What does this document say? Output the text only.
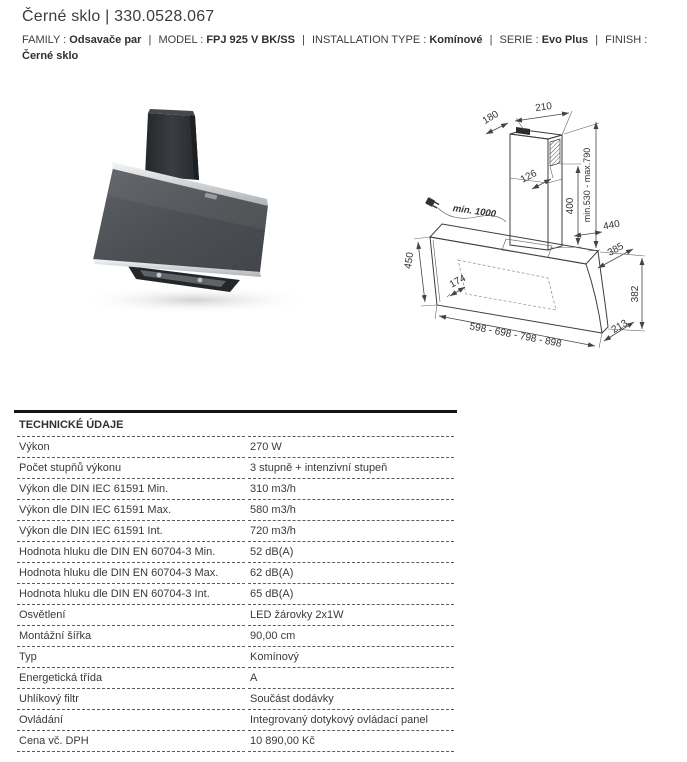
Černé sklo | 330.0528.067

FAMILY : Odsavače par | MODEL : FPJ 925 V BK/SS | INSTALLATION TYPE : Komínové | SERIE : Evo Plus | FINISH : Černé sklo

min. 1000
210
180
min.530 - max.790
400
126
440
450
174
598 - 698 - 798 - 898
385
382
213
TECHNICKÉ ÚDAJE	
Výkon	270 W
Počet stupňů výkonu	3 stupně + intenzivní stupeň
Výkon dle DIN IEC 61591 Min.	310 m3/h
Výkon dle DIN IEC 61591 Max.	580 m3/h
Výkon dle DIN IEC 61591 Int.	720 m3/h
Hodnota hluku dle DIN EN 60704-3 Min.	52 dB(A)
Hodnota hluku dle DIN EN 60704-3 Max.	62 dB(A)
Hodnota hluku dle DIN EN 60704-3 Int.	65 dB(A)
Osvětlení	LED žárovky 2x1W
Montážní šířka	90,00 cm
Typ	Komínový
Energetická třída	A
Uhlíkový filtr	Součást dodávky
Ovládání	Integrovaný dotykový ovládací panel
Cena vč. DPH	10 890,00 Kč
